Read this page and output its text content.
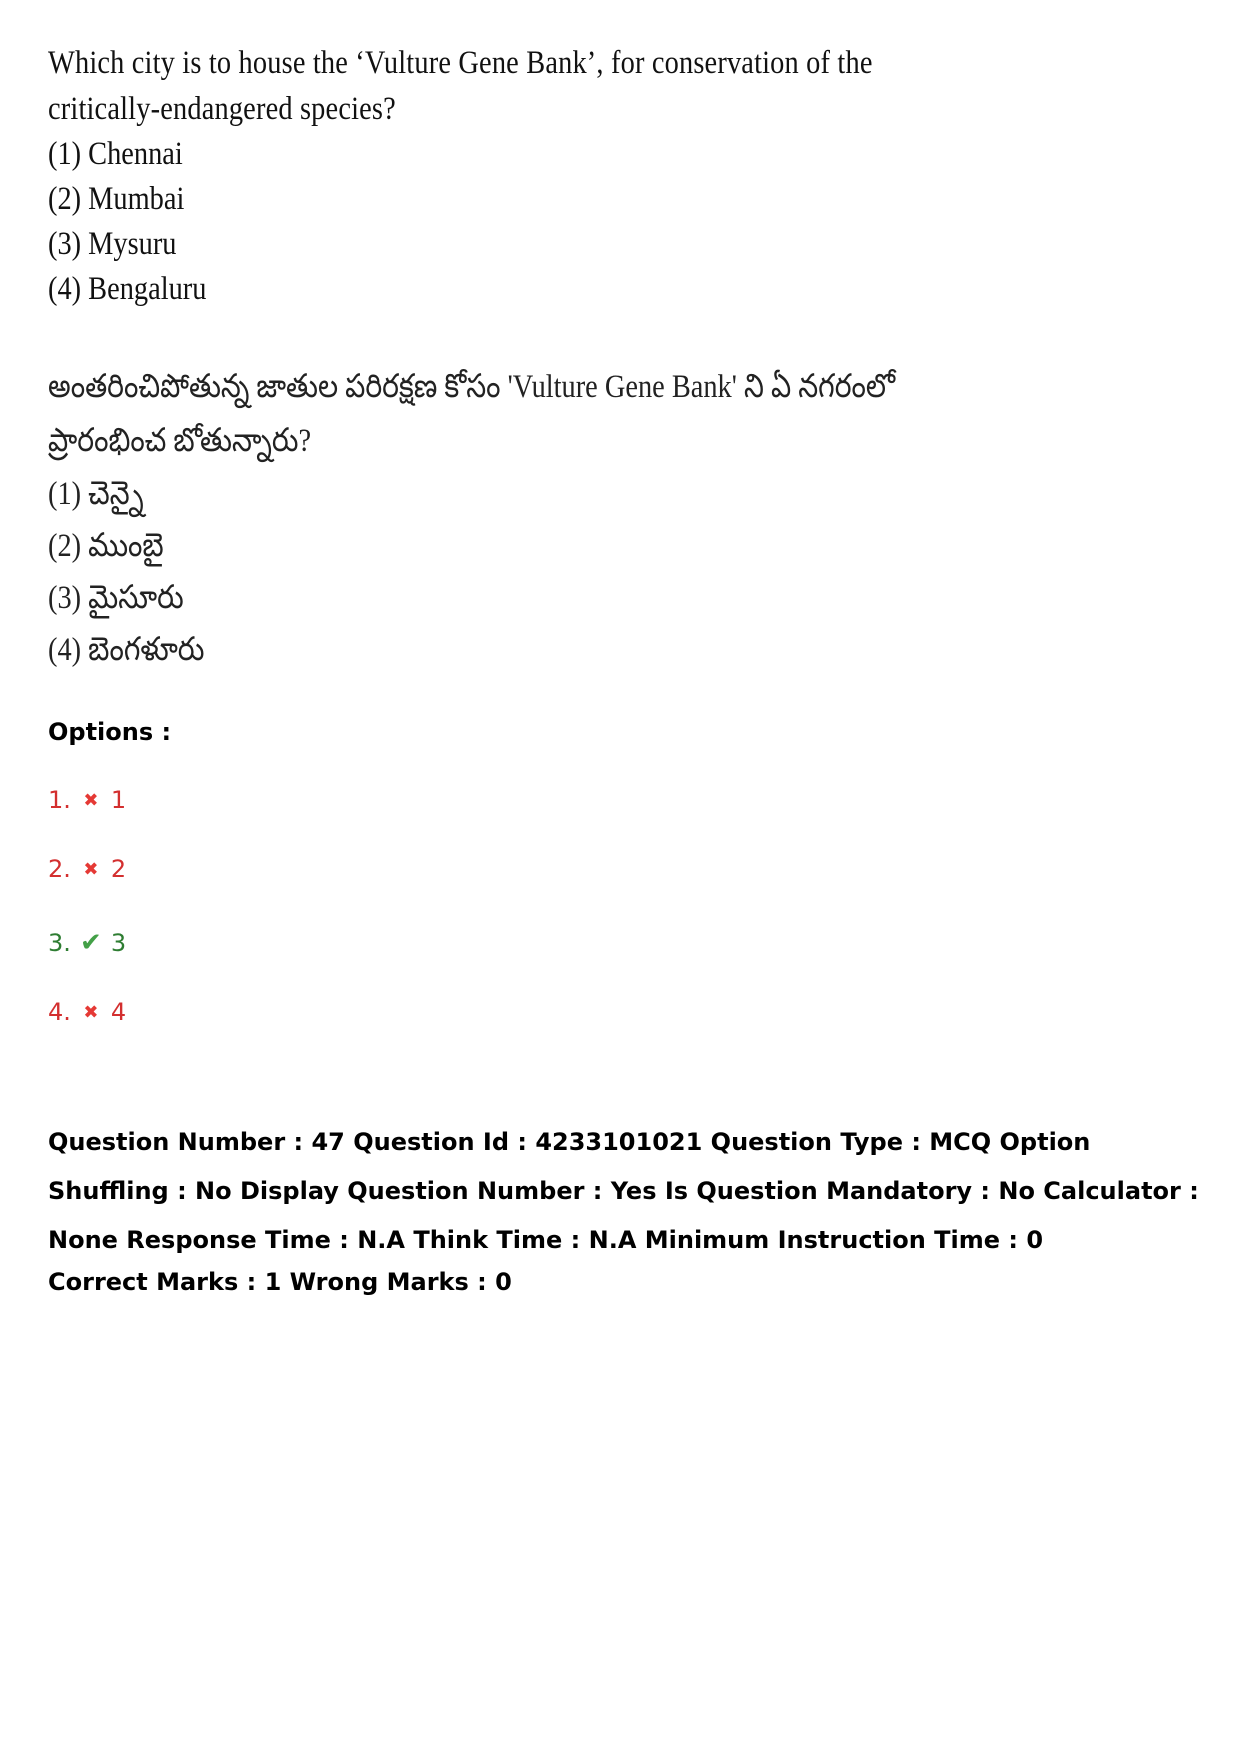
Which city is to house the ‘Vulture Gene Bank’, for conservation of the critically-endangered species?
(1) Chennai
(2) Mumbai
(3) Mysuru
(4) Bengaluru
అంతరించిపోతున్న జాతుల పరిరక్షణ కోసం 'Vulture Gene Bank' ని ఏ నగరంలో ప్రారంభించ బోతున్నారు?
(1) చెన్నై
(2) ముంబై
(3) మైసూరు
(4) బెంగళూరు
Options :
1. ✖ 1
2. ✖ 2
3. ✔ 3
4. ✖ 4
Question Number : 47 Question Id : 4233101021 Question Type : MCQ Option Shuffling : No Display Question Number : Yes Is Question Mandatory : No Calculator : None Response Time : N.A Think Time : N.A Minimum Instruction Time : 0
Correct Marks : 1 Wrong Marks : 0
